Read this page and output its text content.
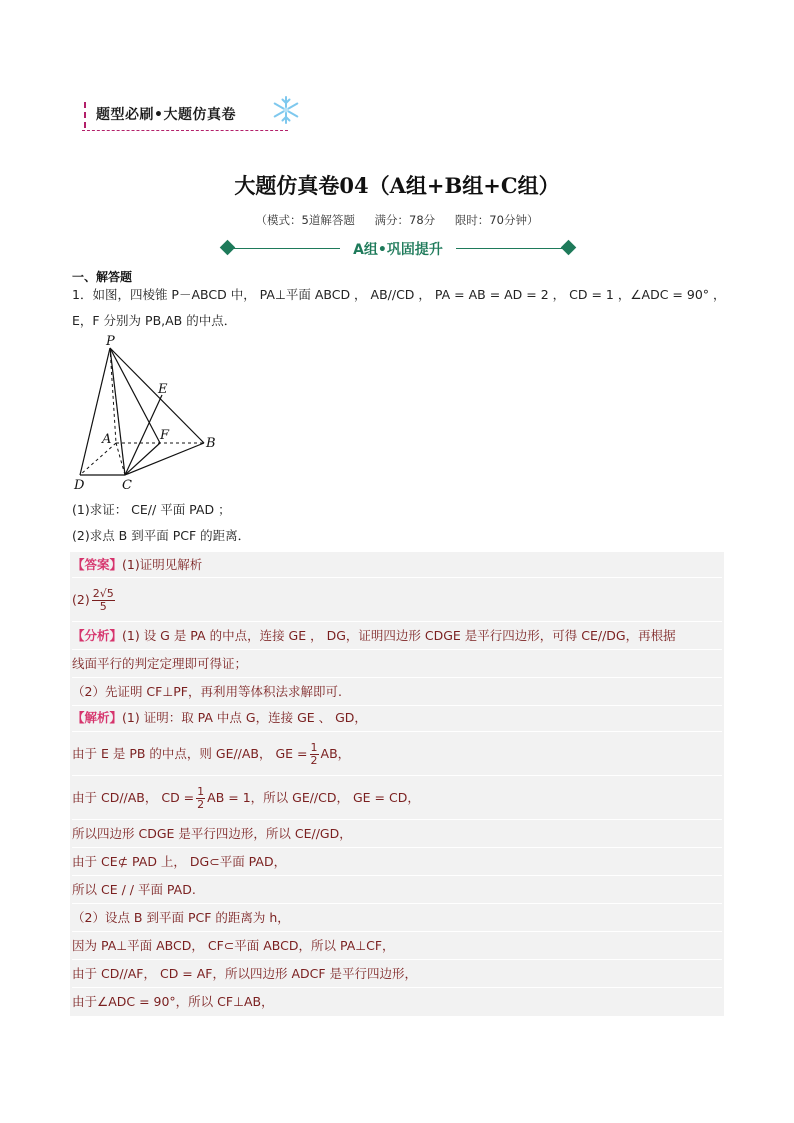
题型必刷•大题仿真卷
大题仿真卷04（A组+B组+C组）
（模式：5道解答题 满分：78分 限时：70分钟）
A组•巩固提升
一、解答题
1．如图，四棱锥 P－ABCD 中， PA⊥平面 ABCD ， AB//CD ， PA = AB = AD = 2 ， CD = 1 ，∠ADC = 90° ，
E，F 分别为 PB,AB 的中点．
P
E
A	F
B
D	C
(1)求证： CE// 平面 PAD ；
(2)求点 B 到平面 PCF 的距离．
【答案】(1)证明见解析
$(2) \frac{2√5}{5}$
【分析】(1) 设 G 是 PA 的中点，连接 GE ， DG，证明四边形 CDGE 是平行四边形，可得 CE//DG，再根据
线面平行的判定定理即可得证；
（2）先证明 CF⊥PF，再利用等体积法求解即可.
【解析】(1) 证明：取 PA 中点 G，连接 GE 、 GD，
由于 E 是 PB 的中点，则 GE//AB， GE = $\frac{1}{2}$ AB，
由于 CD//AB， CD = $\frac{1}{2}$ AB = 1，所以 GE//CD， GE = CD，
所以四边形 CDGE 是平行四边形，所以 CE//GD，
由于 CE⊄ PAD 上， DG⊂平面 PAD，
所以 CE / / 平面 PAD.
（2）设点 B 到平面 PCF 的距离为 h，
因为 PA⊥平面 ABCD， CF⊂平面 ABCD，所以 PA⊥CF，
由于 CD//AF， CD = AF，所以四边形 ADCF 是平行四边形，
由于∠ADC = 90°，所以 CF⊥AB，
